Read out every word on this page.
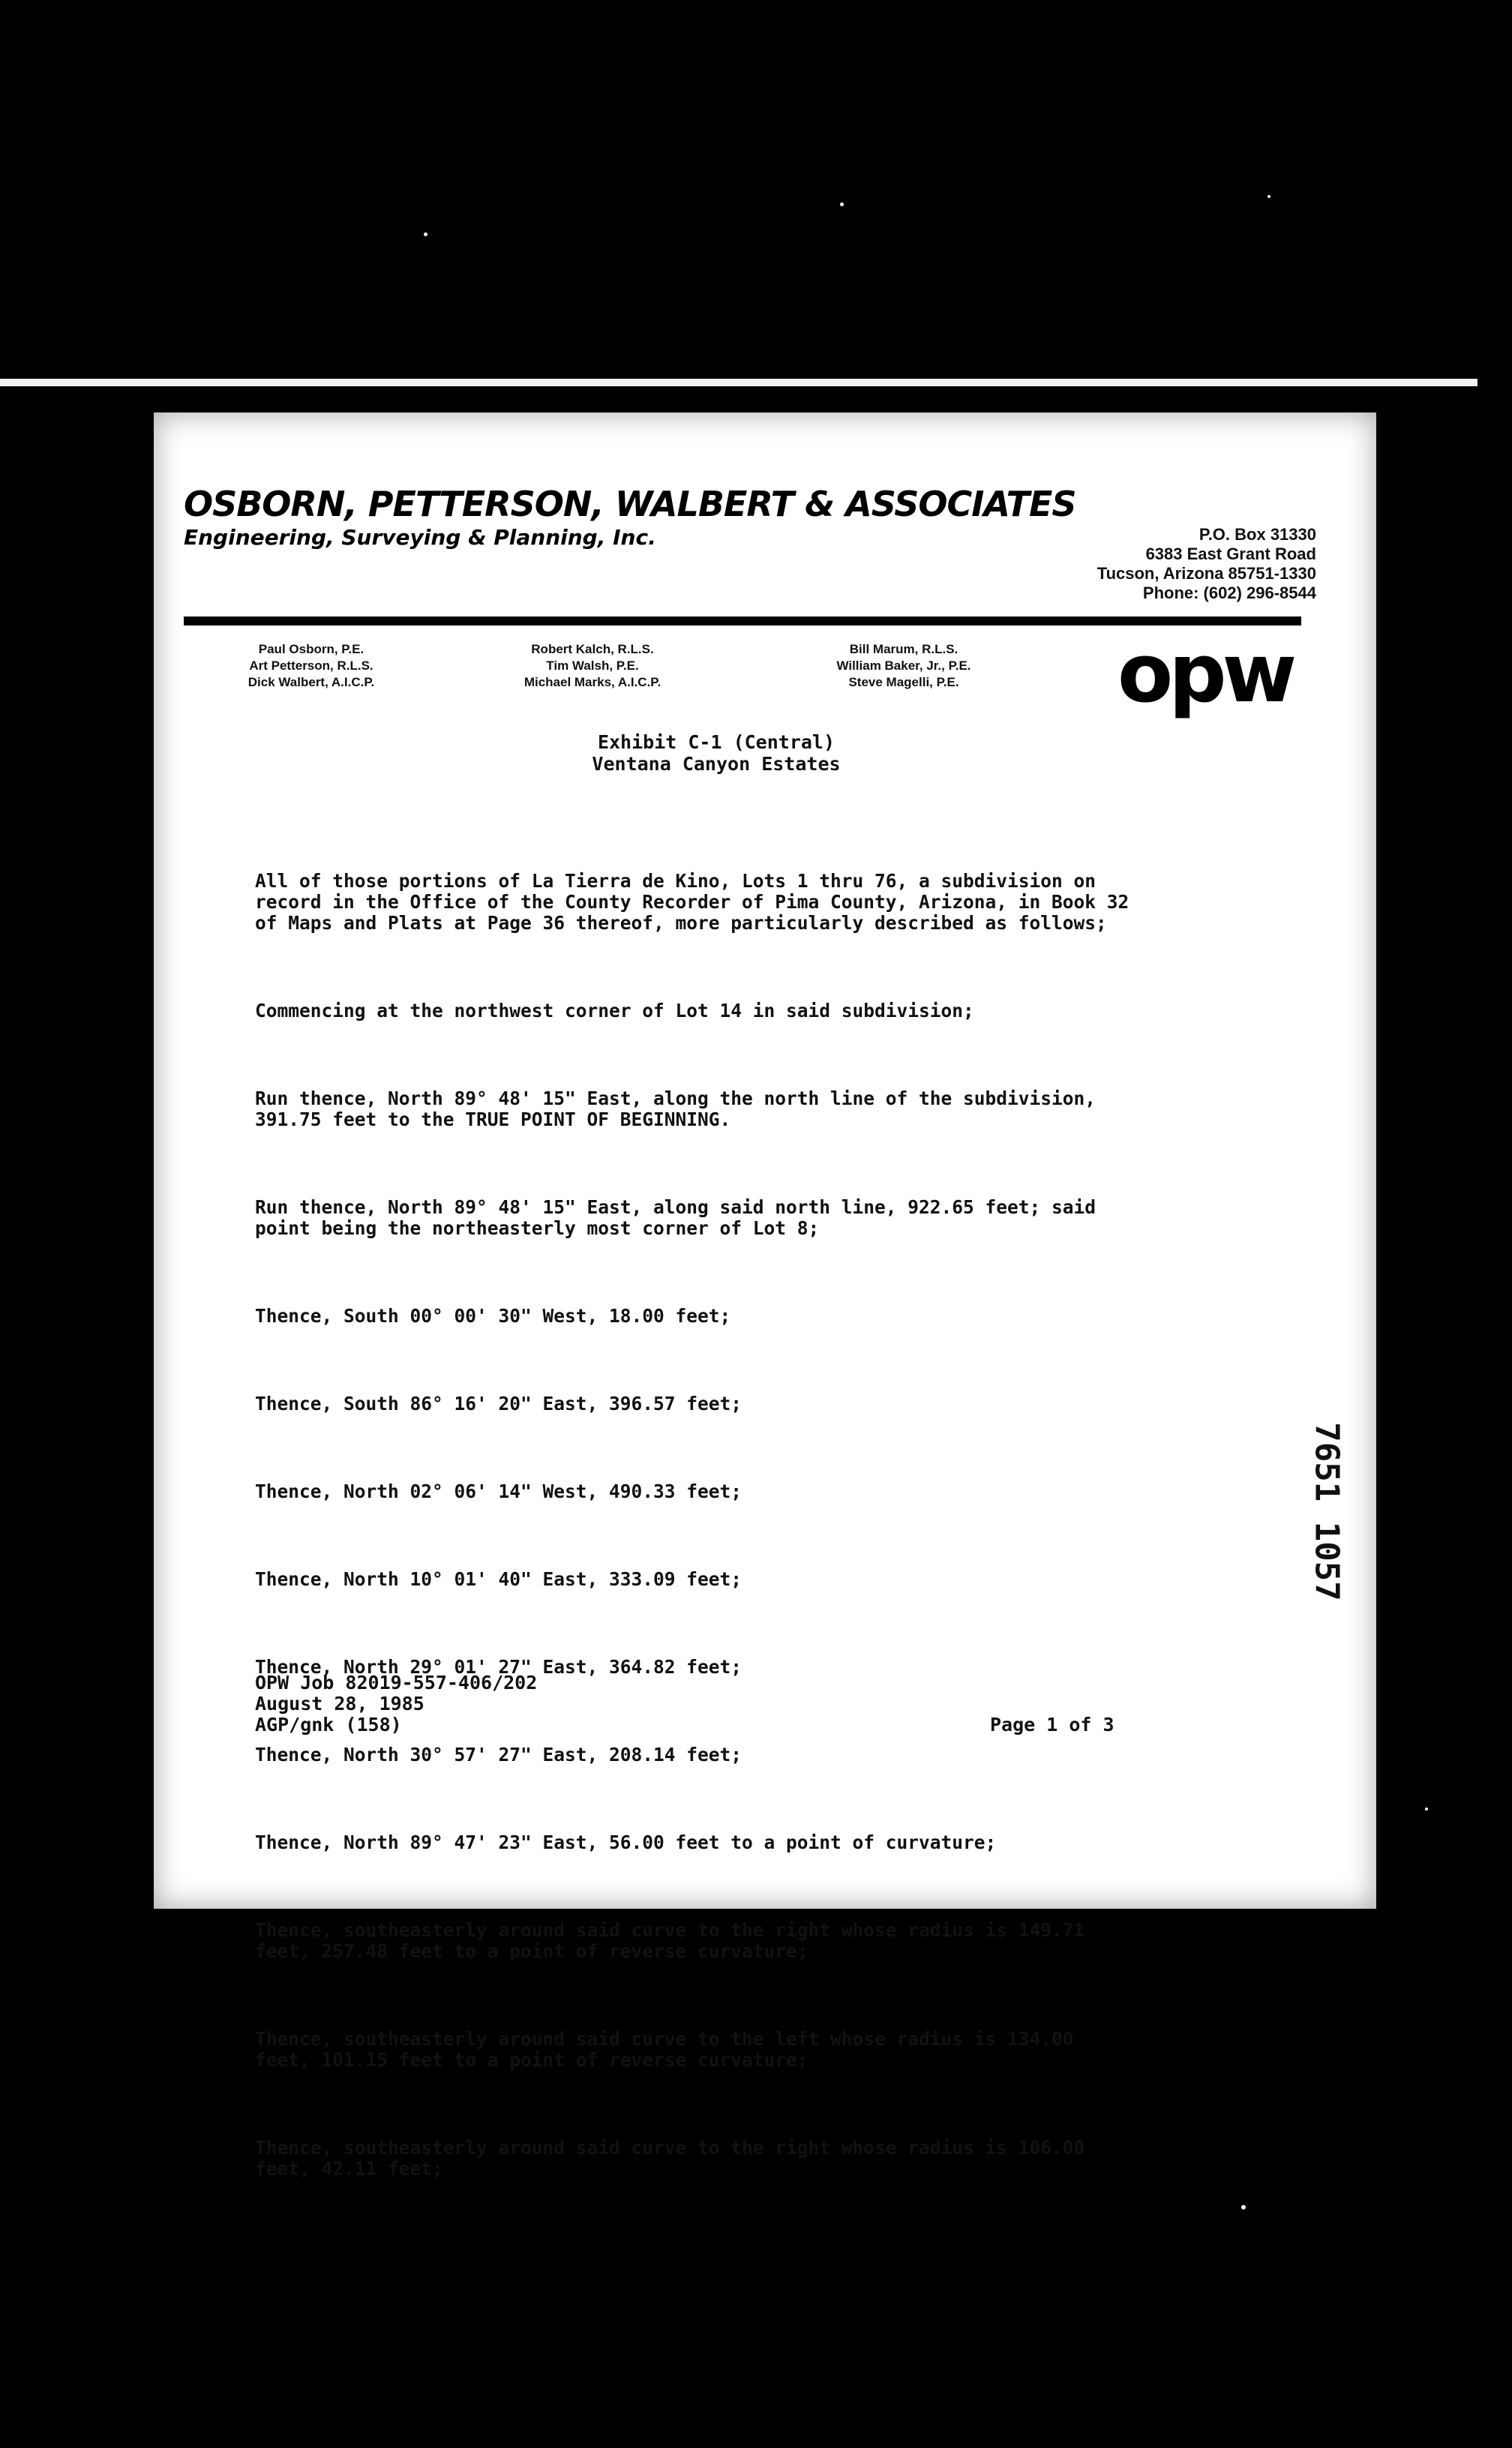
OSBORN, PETTERSON, WALBERT & ASSOCIATES
Engineering, Surveying & Planning, Inc.	P.O. Box 31330
6383 East Grant Road
Tucson, Arizona 85751-1330
Phone: (602) 296-8544
Paul Osborn, P.E.
Art Petterson, R.L.S.
Dick Walbert, A.I.C.P.
Robert Kalch, R.L.S.
Tim Walsh, P.E.
Michael Marks, A.I.C.P.
Bill Marum, R.L.S.
William Baker, Jr., P.E.
Steve Magelli, P.E.	opw
Exhibit C-1 (Central)
Ventana Canyon Estates

All of those portions of La Tierra de Kino, Lots 1 thru 76, a subdivision on
record in the Office of the County Recorder of Pima County, Arizona, in Book 32
of Maps and Plats at Page 36 thereof, more particularly described as follows;

Commencing at the northwest corner of Lot 14 in said subdivision;

Run thence, North 89° 48' 15" East, along the north line of the subdivision,
391.75 feet to the TRUE POINT OF BEGINNING.

Run thence, North 89° 48' 15" East, along said north line, 922.65 feet; said
point being the northeasterly most corner of Lot 8;

Thence, South 00° 00' 30" West, 18.00 feet;

Thence, South 86° 16' 20" East, 396.57 feet;

Thence, North 02° 06' 14" West, 490.33 feet;

Thence, North 10° 01' 40" East, 333.09 feet;

Thence, North 29° 01' 27" East, 364.82 feet;

Thence, North 30° 57' 27" East, 208.14 feet;

Thence, North 89° 47' 23" East, 56.00 feet to a point of curvature;

Thence, southeasterly around said curve to the right whose radius is 149.71
feet, 257.48 feet to a point of reverse curvature;

Thence, southeasterly around said curve to the left whose radius is 134.00
feet, 101.15 feet to a point of reverse curvature;

Thence, southeasterly around said curve to the right whose radius is 106.00
feet, 42.11 feet;

7651 1057
OPW Job 82019-557-406/202
August 28, 1985
AGP/gnk (158)	Page 1 of 3
